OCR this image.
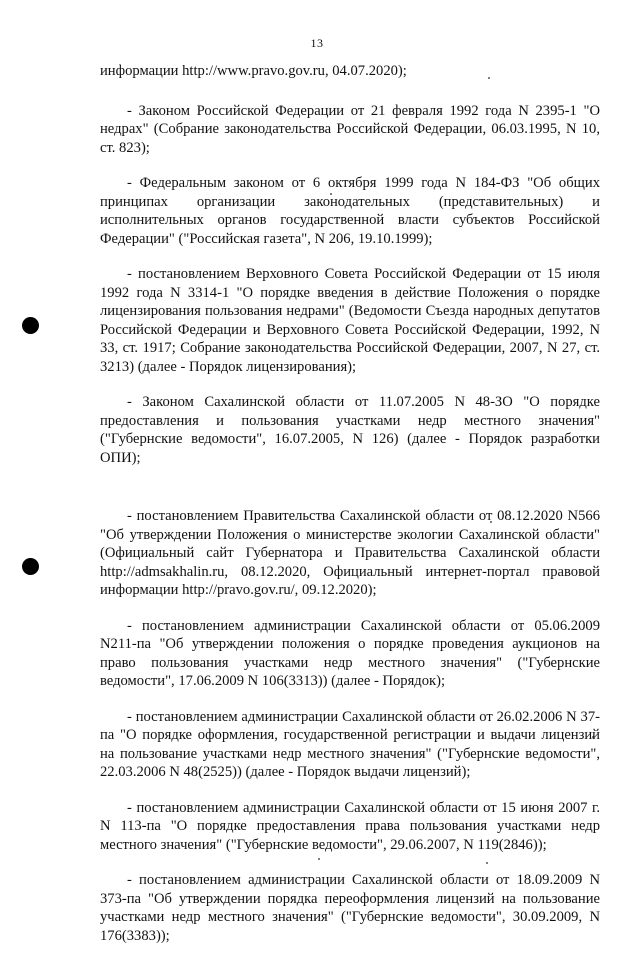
13

информации http://www.pravo.gov.ru, 04.07.2020);

- Законом Российской Федерации от 21 февраля 1992 года N 2395-1 "О недрах" (Собрание законодательства Российской Федерации, 06.03.1995, N 10, ст. 823);

- Федеральным законом от 6 октября 1999 года N 184-ФЗ "Об общих принципах организации законодательных (представительных) и исполнительных органов государственной власти субъектов Российской Федерации" ("Российская газета", N 206, 19.10.1999);

- постановлением Верховного Совета Российской Федерации от 15 июля 1992 года N 3314-1 "О порядке введения в действие Положения о порядке лицензирования пользования недрами" (Ведомости Съезда народных депутатов Российской Федерации и Верховного Совета Российской Федерации, 1992, N 33, ст. 1917; Собрание законодательства Российской Федерации, 2007, N 27, ст. 3213) (далее - Порядок лицензирования);

- Законом Сахалинской области от 11.07.2005 N 48-ЗО "О порядке предоставления и пользования участками недр местного значения" ("Губернские ведомости", 16.07.2005, N 126) (далее - Порядок разработки ОПИ);

- постановлением Правительства Сахалинской области от 08.12.2020 N566 "Об утверждении Положения о министерстве экологии Сахалинской области" (Официальный сайт Губернатора и Правительства Сахалинской области http://admsakhalin.ru, 08.12.2020, Официальный интернет-портал правовой информации http://pravo.gov.ru/, 09.12.2020);

- постановлением администрации Сахалинской области от 05.06.2009 N211-па "Об утверждении положения о порядке проведения аукционов на право пользования участками недр местного значения" ("Губернские ведомости", 17.06.2009 N 106(3313)) (далее - Порядок);

- постановлением администрации Сахалинской области от 26.02.2006 N 37-па "О порядке оформления, государственной регистрации и выдачи лицензий на пользование участками недр местного значения" ("Губернские ведомости", 22.03.2006 N 48(2525)) (далее - Порядок выдачи лицензий);

- постановлением администрации Сахалинской области от 15 июня 2007 г. N 113-па "О порядке предоставления права пользования участками недр местного значения" ("Губернские ведомости", 29.06.2007, N 119(2846));

- постановлением администрации Сахалинской области от 18.09.2009 N 373-па "Об утверждении порядка переоформления лицензий на пользование участками недр местного значения" ("Губернские ведомости", 30.09.2009, N 176(3383));
